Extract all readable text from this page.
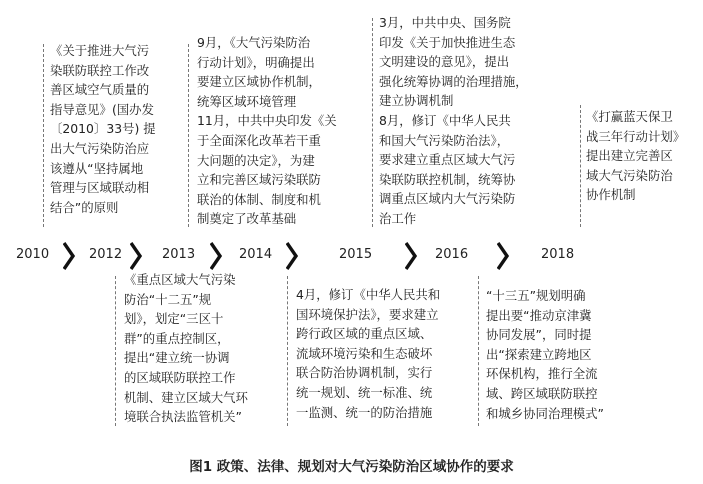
《关于推进大气污
染联防联控工作改
善区域空气质量的
指导意见》(国办发
〔2010〕33号) 提
出大气污染防治应
该遵从“坚持属地
管理与区域联动相
结合”的原则
9月，《大气污染防治
行动计划》，明确提出
要建立区域协作机制，
统筹区域环境管理
11月，中共中央印发《关
于全面深化改革若干重
大问题的决定》，为建
立和完善区域污染联防
联治的体制、制度和机
制奠定了改革基础
3月，中共中央、国务院
印发《关于加快推进生态
文明建设的意见》，提出
强化统筹协调的治理措施，
建立协调机制
8月，修订《中华人民共
和国大气污染防治法》，
要求建立重点区域大气污
染联防联控机制，统筹协
调重点区域内大气污染防
治工作
《打赢蓝天保卫
战三年行动计划》
提出建立完善区
域大气污染防治
协作机制
《重点区域大气污染
防治“十二五”规
划》，划定“三区十
群”的重点控制区，
提出“建立统一协调
的区域联防联控工作
机制、建立区域大气环
境联合执法监管机关”
4月，修订《中华人民共和
国环境保护法》，要求建立
跨行政区域的重点区域、
流域环境污染和生态破坏
联合防治协调机制，实行
统一规划、统一标准、统
一监测、统一的防治措施
“十三五”规划明确
提出要“推动京津冀
协同发展”，同时提
出“探索建立跨地区
环保机构，推行全流
域、跨区域联防联控
和城乡协同治理模式”
2010	2012	2013	2014	2015	2016	2018
图1 政策、法律、规划对大气污染防治区域协作的要求
